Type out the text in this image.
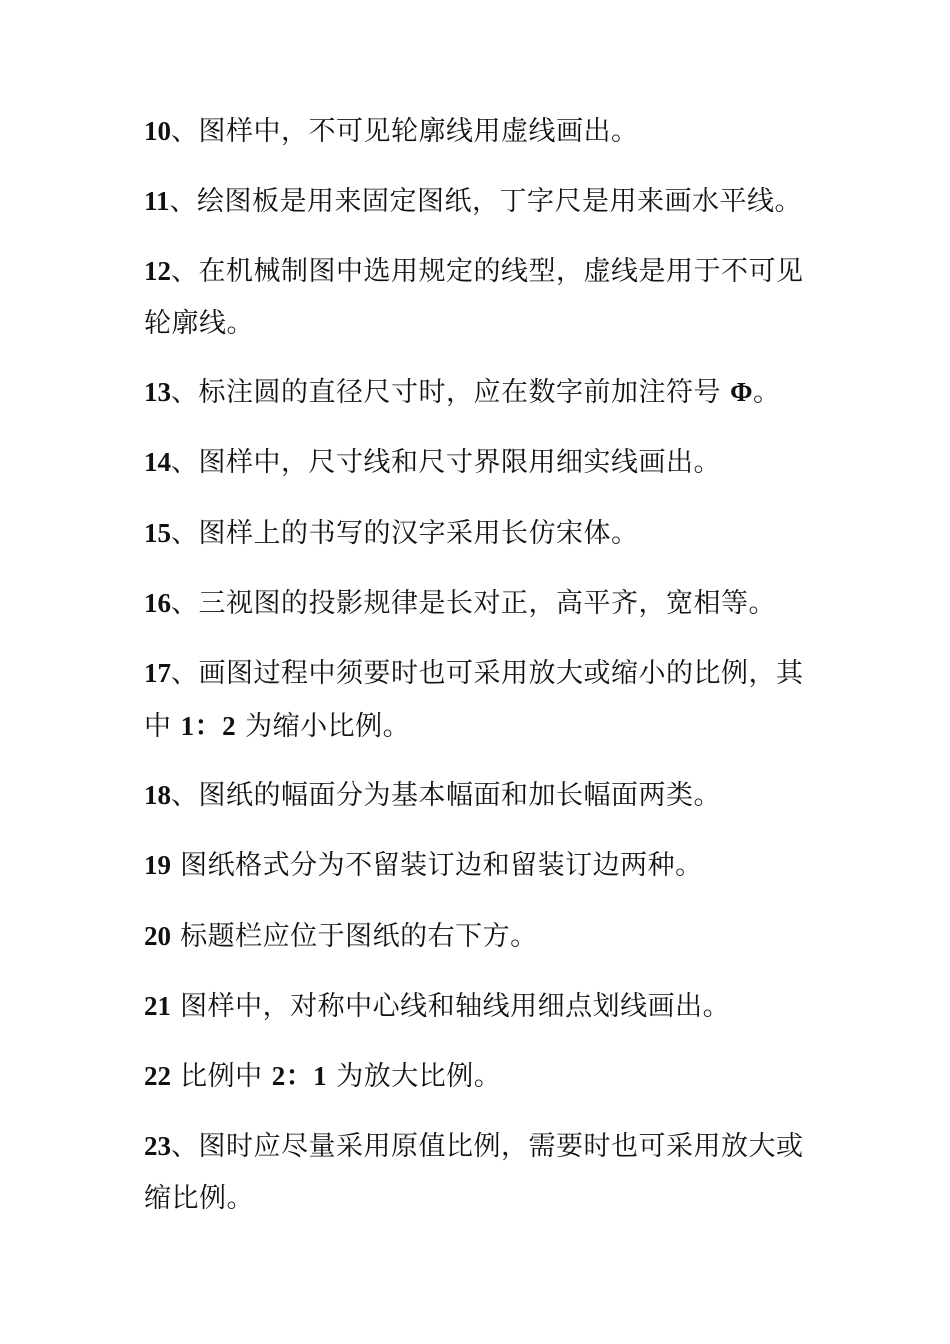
10、图样中，不可见轮廓线用虚线画出。
11、绘图板是用来固定图纸，丁字尺是用来画水平线。
12、在机械制图中选用规定的线型，虚线是用于不可见轮廓线。
13、标注圆的直径尺寸时，应在数字前加注符号 Φ。
14、图样中，尺寸线和尺寸界限用细实线画出。
15、图样上的书写的汉字采用长仿宋体。
16、三视图的投影规律是长对正，高平齐，宽相等。
17、画图过程中须要时也可采用放大或缩小的比例，其中 1：2 为缩小比例。
18、图纸的幅面分为基本幅面和加长幅面两类。
19 图纸格式分为不留装订边和留装订边两种。
20 标题栏应位于图纸的右下方。
21 图样中，对称中心线和轴线用细点划线画出。
22 比例中 2：1 为放大比例。
23、图时应尽量采用原值比例，需要时也可采用放大或缩比例。
